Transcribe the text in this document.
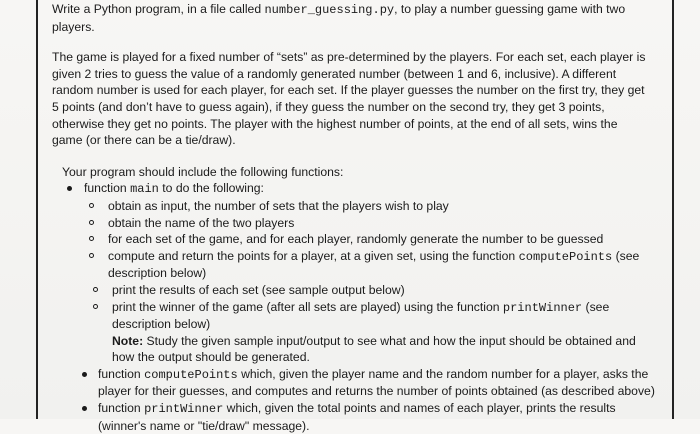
Write a Python program, in a file called number_guessing.py, to play a number guessing game with two
players.
The game is played for a fixed number of “sets” as pre-determined by the players. For each set, each player is
given 2 tries to guess the value of a randomly generated number (between 1 and 6, inclusive). A different
random number is used for each player, for each set. If the player guesses the number on the first try, they get
5 points (and don’t have to guess again), if they guess the number on the second try, they get 3 points,
otherwise they get no points. The player with the highest number of points, at the end of all sets, wins the
game (or there can be a tie/draw).
Your program should include the following functions:
function main to do the following:
obtain as input, the number of sets that the players wish to play
obtain the name of the two players
for each set of the game, and for each player, randomly generate the number to be guessed
compute and return the points for a player, at a given set, using the function computePoints (see
description below)
print the results of each set (see sample output below)
print the winner of the game (after all sets are played) using the function printWinner (see
description below)
Note: Study the given sample input/output to see what and how the input should be obtained and
how the output should be generated.
function computePoints which, given the player name and the random number for a player, asks the
player for their guesses, and computes and returns the number of points obtained (as described above)
function printWinner which, given the total points and names of each player, prints the results
(winner's name or "tie/draw" message).
